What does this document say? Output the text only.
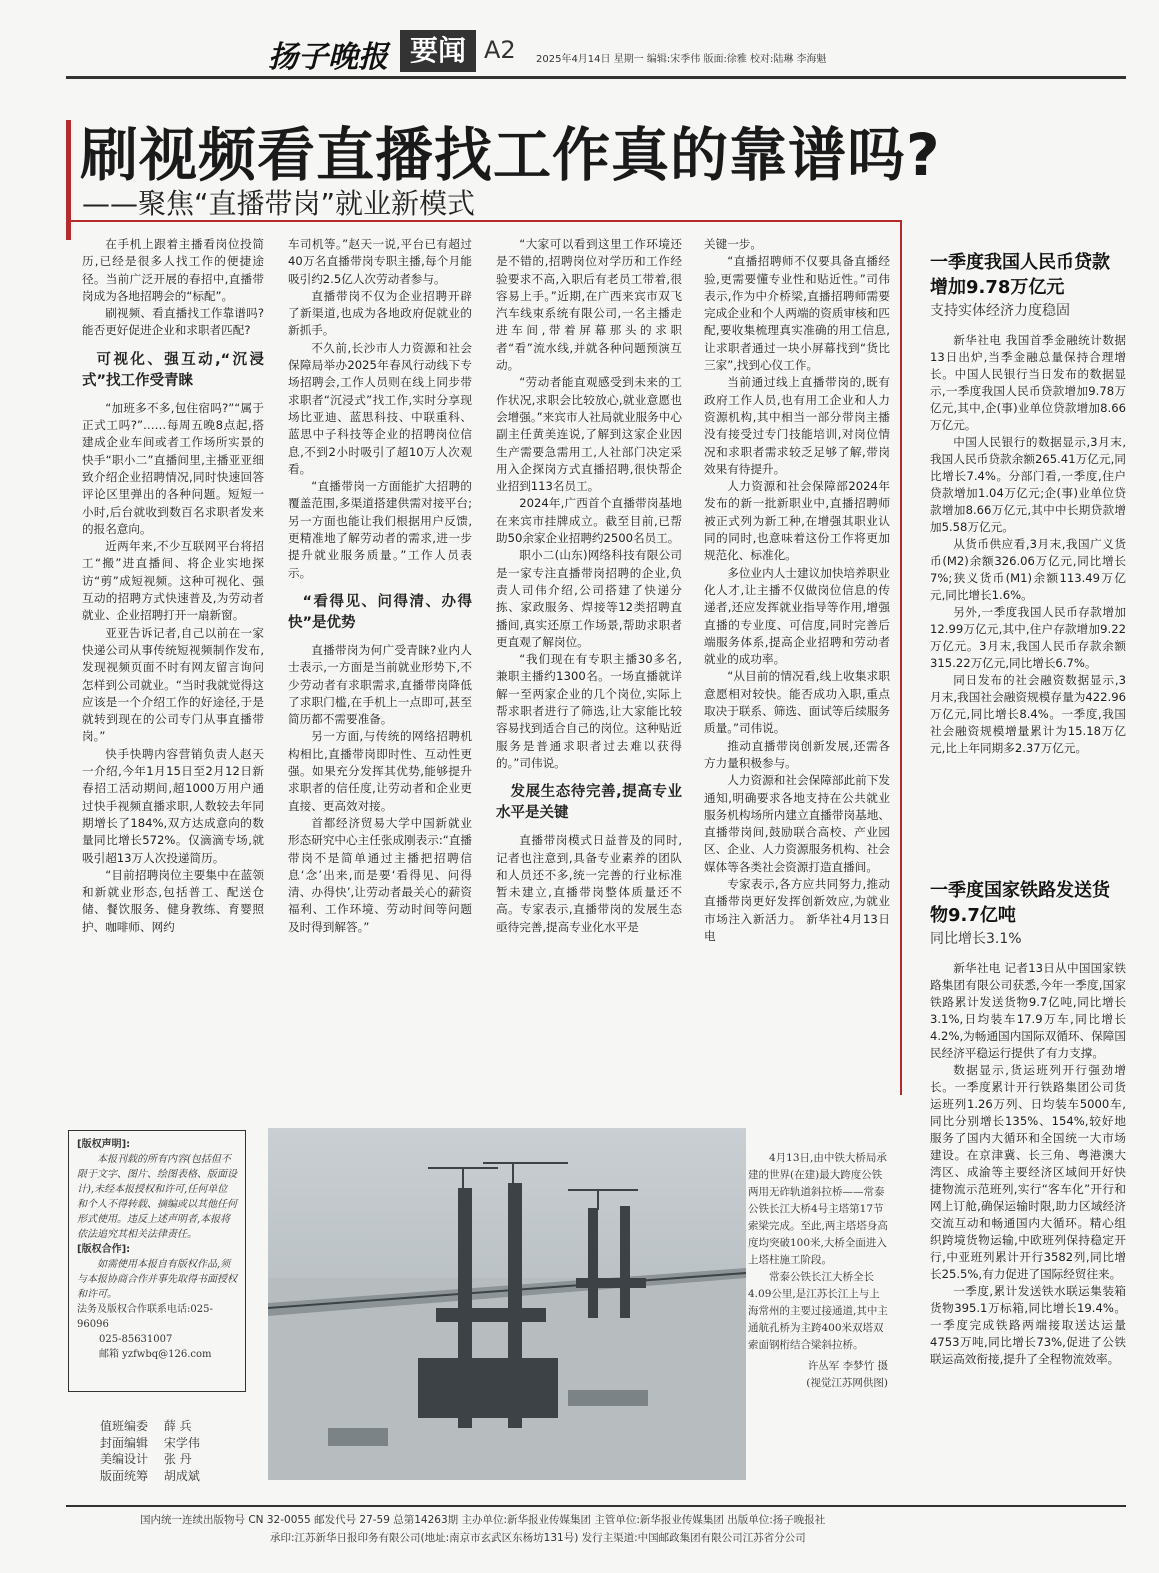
扬子晚报 要闻 A2 2025年4月14日 星期一 编辑:宋季伟 版面:徐雅 校对:陆琳 李海魁
刷视频看直播找工作真的靠谱吗?
——聚焦“直播带岗”就业新模式

在手机上跟着主播看岗位投简历,已经是很多人找工作的便捷途径。当前广泛开展的春招中,直播带岗成为各地招聘会的“标配”。

刷视频、看直播找工作靠谱吗?能否更好促进企业和求职者匹配?

可视化、强互动,“沉浸式”找工作受青睐

“加班多不多,包住宿吗?”“属于正式工吗?”……每周五晚8点起,搭建成企业车间或者工作场所实景的快手“职小二”直播间里,主播亚亚细致介绍企业招聘情况,同时快速回答评论区里弹出的各种问题。短短一小时,后台就收到数百名求职者发来的报名意向。

近两年来,不少互联网平台将招工“搬”进直播间、将企业实地探访“剪”成短视频。这种可视化、强互动的招聘方式快速普及,为劳动者就业、企业招聘打开一扇新窗。

亚亚告诉记者,自己以前在一家快递公司从事传统短视频制作发布,发现视频页面不时有网友留言询问怎样到公司就业。“当时我就觉得这应该是一个介绍工作的好途径,于是就转到现在的公司专门从事直播带岗。”

快手快聘内容营销负责人赵天一介绍,今年1月15日至2月12日新春招工活动期间,超1000万用户通过快手视频直播求职,人数较去年同期增长了184%,双方达成意向的数量同比增长572%。仅滴滴专场,就吸引超13万人次投递简历。

“目前招聘岗位主要集中在蓝领和新就业形态,包括普工、配送仓储、餐饮服务、健身教练、育婴照护、咖啡师、网约

车司机等。”赵天一说,平台已有超过40万名直播带岗专职主播,每个月能吸引约2.5亿人次劳动者参与。

直播带岗不仅为企业招聘开辟了新渠道,也成为各地政府促就业的新抓手。

不久前,长沙市人力资源和社会保障局举办2025年春风行动线下专场招聘会,工作人员则在线上同步带求职者“沉浸式”找工作,实时分享现场比亚迪、蓝思科技、中联重科、蓝思中子科技等企业的招聘岗位信息,不到2小时吸引了超10万人次观看。

“直播带岗一方面能扩大招聘的覆盖范围,多渠道搭建供需对接平台;另一方面也能让我们根据用户反馈,更精准地了解劳动者的需求,进一步提升就业服务质量。”工作人员表示。

“看得见、问得清、办得快”是优势

直播带岗为何广受青睐?业内人士表示,一方面是当前就业形势下,不少劳动者有求职需求,直播带岗降低了求职门槛,在手机上一点即可,甚至简历都不需要准备。

另一方面,与传统的网络招聘机构相比,直播带岗即时性、互动性更强。如果充分发挥其优势,能够提升求职者的信任度,让劳动者和企业更直接、更高效对接。

首都经济贸易大学中国新就业形态研究中心主任张成刚表示:“直播带岗不是简单通过主播把招聘信息‘念’出来,而是要‘看得见、问得清、办得快’,让劳动者最关心的薪资福利、工作环境、劳动时间等问题及时得到解答。”

“大家可以看到这里工作环境还是不错的,招聘岗位对学历和工作经验要求不高,入职后有老员工带着,很容易上手。”近期,在广西来宾市双飞汽车线束系统有限公司,一名主播走进车间,带着屏幕那头的求职者“看”流水线,并就各种问题预演互动。

“劳动者能直观感受到未来的工作状况,求职会比较放心,就业意愿也会增强。”来宾市人社局就业服务中心副主任黄美连说,了解到这家企业因生产需要急需用工,人社部门决定采用入企探岗方式直播招聘,很快帮企业招到113名员工。

2024年,广西首个直播带岗基地在来宾市挂牌成立。截至目前,已帮助50余家企业招聘约2500名员工。

职小二(山东)网络科技有限公司是一家专注直播带岗招聘的企业,负责人司伟介绍,公司搭建了快递分拣、家政服务、焊接等12类招聘直播间,真实还原工作场景,帮助求职者更直观了解岗位。

“我们现在有专职主播30多名,兼职主播约1300名。一场直播就详解一至两家企业的几个岗位,实际上帮求职者进行了筛选,让大家能比较容易找到适合自己的岗位。这种贴近服务是普通求职者过去难以获得的。”司伟说。

发展生态待完善,提高专业水平是关键

直播带岗模式日益普及的同时,记者也注意到,具备专业素养的团队和人员还不多,统一完善的行业标准暂未建立,直播带岗整体质量还不高。专家表示,直播带岗的发展生态亟待完善,提高专业化水平是

关键一步。

“直播招聘师不仅要具备直播经验,更需要懂专业性和贴近性。”司伟表示,作为中介桥梁,直播招聘师需要完成企业和个人两端的资质审核和匹配,要收集梳理真实准确的用工信息,让求职者通过一块小屏幕找到“货比三家”,找到心仪工作。

当前通过线上直播带岗的,既有政府工作人员,也有用工企业和人力资源机构,其中相当一部分带岗主播没有接受过专门技能培训,对岗位情况和求职者需求较乏足够了解,带岗效果有待提升。

人力资源和社会保障部2024年发布的新一批新职业中,直播招聘师被正式列为新工种,在增强其职业认同的同时,也意味着这份工作将更加规范化、标准化。

多位业内人士建议加快培养职业化人才,让主播不仅做岗位信息的传递者,还应发挥就业指导等作用,增强直播的专业度、可信度,同时完善后端服务体系,提高企业招聘和劳动者就业的成功率。

“从目前的情况看,线上收集求职意愿相对较快。能否成功入职,重点取决于联系、筛选、面试等后续服务质量。”司伟说。

推动直播带岗创新发展,还需各方力量积极参与。

人力资源和社会保障部此前下发通知,明确要求各地支持在公共就业服务机构场所内建立直播带岗基地、直播带岗间,鼓励联合高校、产业园区、企业、人力资源服务机构、社会媒体等各类社会资源打造直播间。

专家表示,各方应共同努力,推动直播带岗更好发挥创新效应,为就业市场注入新活力。 新华社4月13日电

一季度我国人民币贷款增加9.78万亿元
支持实体经济力度稳固

新华社电 我国首季金融统计数据13日出炉,当季金融总量保持合理增长。中国人民银行当日发布的数据显示,一季度我国人民币贷款增加9.78万亿元,其中,企(事)业单位贷款增加8.66万亿元。

中国人民银行的数据显示,3月末,我国人民币贷款余额265.41万亿元,同比增长7.4%。分部门看,一季度,住户贷款增加1.04万亿元;企(事)业单位贷款增加8.66万亿元,其中中长期贷款增加5.58万亿元。

从货币供应看,3月末,我国广义货币(M2)余额326.06万亿元,同比增长7%;狭义货币(M1)余额113.49万亿元,同比增长1.6%。

另外,一季度我国人民币存款增加12.99万亿元,其中,住户存款增加9.22万亿元。3月末,我国人民币存款余额315.22万亿元,同比增长6.7%。

同日发布的社会融资数据显示,3月末,我国社会融资规模存量为422.96万亿元,同比增长8.4%。一季度,我国社会融资规模增量累计为15.18万亿元,比上年同期多2.37万亿元。

一季度国家铁路发送货物9.7亿吨
同比增长3.1%

新华社电 记者13日从中国国家铁路集团有限公司获悉,今年一季度,国家铁路累计发送货物9.7亿吨,同比增长3.1%,日均装车17.9万车,同比增长4.2%,为畅通国内国际双循环、保障国民经济平稳运行提供了有力支撑。

数据显示,货运班列开行强劲增长。一季度累计开行铁路集团公司货运班列1.26万列、日均装车5000车,同比分别增长135%、154%,较好地服务了国内大循环和全国统一大市场建设。在京津冀、长三角、粤港澳大湾区、成渝等主要经济区域间开好快捷物流示范班列,实行“客车化”开行和网上订舱,确保运输时限,助力区域经济交流互动和畅通国内大循环。精心组织跨境货物运输,中欧班列保持稳定开行,中亚班列累计开行3582列,同比增长25.5%,有力促进了国际经贸往来。

一季度,累计发送铁水联运集装箱货物395.1万标箱,同比增长19.4%。一季度完成铁路两端接取送达运量4753万吨,同比增长73%,促进了公铁联运高效衔接,提升了全程物流效率。

4月13日,由中铁大桥局承建的世界(在建)最大跨度公铁两用无砟轨道斜拉桥——常泰公铁长江大桥4号主塔第17节索梁完成。至此,两主塔塔身高度均突破100米,大桥全面进入上塔柱施工阶段。

常泰公铁长江大桥全长4.09公里,是江苏长江上与上海常州的主要过接通道,其中主通航孔桥为主跨400米双塔双索面钢桁结合梁斜拉桥。

许丛军 李梦竹 摄
(视觉江苏网供图)
[版权声明]:

本报刊载的所有内容(包括但不限于文字、图片、绘图表格、版面设计),未经本报授权和许可,任何单位和个人不得转载、摘编或以其他任何形式使用。违反上述声明者,本报将依法追究其相关法律责任。

[版权合作]:

如需使用本报自有版权作品,须与本报协商合作并事先取得书面授权和许可。

法务及版权合作联系电话:025-96096
025-85631007
邮箱 yzfwbq@126.com
值班编委 薛 兵
封面编辑 宋学伟
美编设计 张 丹
版面统筹 胡成斌
国内统一连续出版物号 CN 32-0055 邮发代号 27-59 总第14263期 主办单位:新华报业传媒集团 主管单位:新华报业传媒集团 出版单位:扬子晚报社
承印:江苏新华日报印务有限公司(地址:南京市玄武区东杨坊131号) 发行主渠道:中国邮政集团有限公司江苏省分公司
